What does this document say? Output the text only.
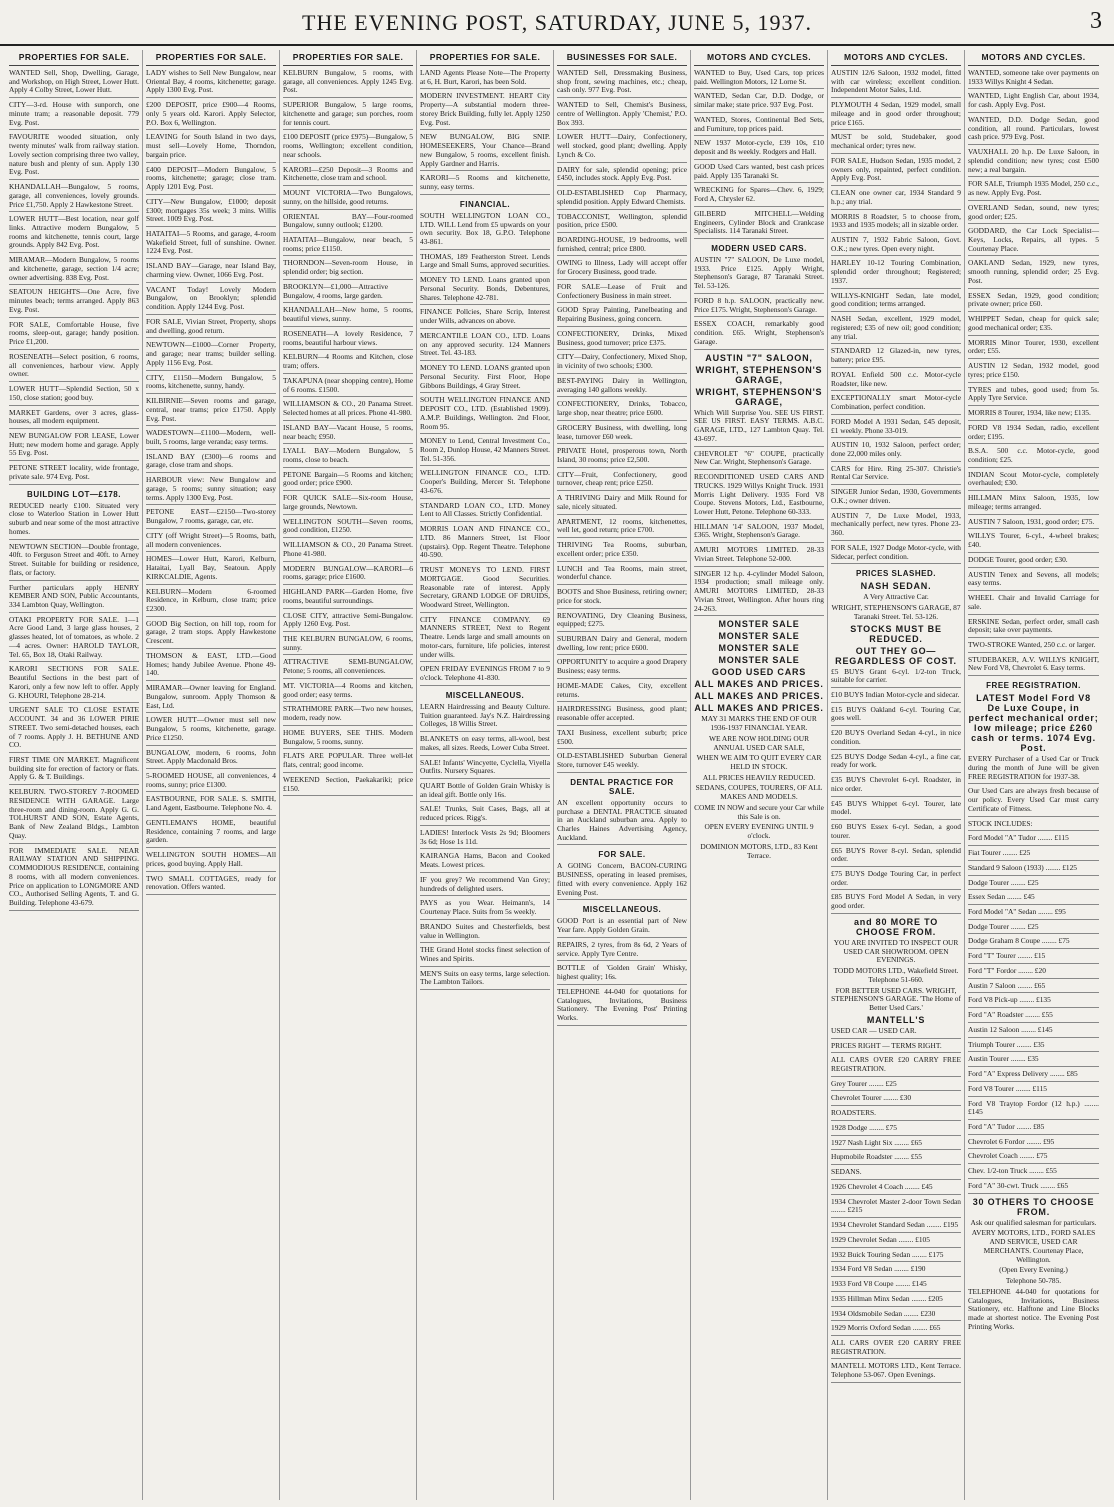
THE EVENING POST, SATURDAY, JUNE 5, 1937.	3
PROPERTIES FOR SALE.
WANTED Sell, Shop, Dwelling, Garage, and Workshop, on High Street, Lower Hutt. Apply 4 Colby Street, Lower Hutt.
CITY—3-rd. House with sunporch, one minute tram; a reasonable deposit. 779 Evg. Post.
FAVOURITE wooded situation, only twenty minutes' walk from railway station. Lovely section comprising three two valley, nature bush and plenty of sun. Apply 130 Evg. Post.
KHANDALLAH—Bungalow, 5 rooms, garage, all conveniences, lovely grounds. Price £1,750. Apply 2 Hawkestone Street.
LOWER HUTT—Best location, near golf links. Attractive modern Bungalow, 5 rooms and kitchenette, tennis court, large grounds. Apply 842 Evg. Post.
MIRAMAR—Modern Bungalow, 5 rooms and kitchenette, garage, section 1/4 acre; owner advertising. 838 Evg. Post.
SEATOUN HEIGHTS—One Acre, five minutes beach; terms arranged. Apply 863 Evg. Post.
FOR SALE, Comfortable House, five rooms, sleep-out, garage; handy position. Price £1,200.
ROSENEATH—Select position, 6 rooms, all conveniences, harbour view. Apply owner.
LOWER HUTT—Splendid Section, 50 x 150, close station; good buy.
MARKET Gardens, over 3 acres, glass-houses, all modern equipment.
NEW BUNGALOW FOR LEASE, Lower Hutt; new modern home and garage. Apply 55 Evg. Post.
PETONE STREET locality, wide frontage, private sale. 974 Evg. Post.
BUILDING LOT—£178.
REDUCED nearly £100. Situated very close to Waterloo Station in Lower Hutt suburb and near some of the most attractive homes.
NEWTOWN SECTION—Double frontage, 40ft. to Ferguson Street and 40ft. to Arney Street. Suitable for building or residence, flats, or factory.
Further particulars apply HENRY KEMBER AND SON, Public Accountants, 334 Lambton Quay, Wellington.
OTAKI PROPERTY FOR SALE. 1—1 Acre Good Land, 3 large glass houses, 2 glasses heated, lot of tomatoes, as whole. 2—4 acres. Owner: HAROLD TAYLOR, Tel. 65, Box 18, Otaki Railway.
KARORI SECTIONS FOR SALE. Beautiful Sections in the best part of Karori, only a few now left to offer. Apply G. KHOURI, Telephone 28-214.
URGENT SALE TO CLOSE ESTATE ACCOUNT. 34 and 36 LOWER PIRIE STREET. Two semi-detached houses, each of 7 rooms. Apply J. H. BETHUNE AND CO.
FIRST TIME ON MARKET. Magnificent building site for erection of factory or flats. Apply G. & T. Buildings.
KELBURN. TWO-STOREY 7-ROOMED RESIDENCE WITH GARAGE. Large three-room and dining-room. Apply G. G. TOLHURST AND SON, Estate Agents, Bank of New Zealand Bldgs., Lambton Quay.
FOR IMMEDIATE SALE. NEAR RAILWAY STATION AND SHIPPING. COMMODIOUS RESIDENCE, containing 8 rooms, with all modern conveniences. Price on application to LONGMORE AND CO., Authorised Selling Agents, T. and G. Building. Telephone 43-679.
PROPERTIES FOR SALE.
LADY wishes to Sell New Bungalow, near Oriental Bay, 4 rooms, kitchenette; garage. Apply 1300 Evg. Post.
£200 DEPOSIT, price £900—4 Rooms, only 5 years old. Karori. Apply Selector, P.O. Box 6, Wellington.
LEAVING for South Island in two days, must sell—Lovely Home, Thorndon, bargain price.
£400 DEPOSIT—Modern Bungalow, 5 rooms, kitchenette; garage; close tram. Apply 1201 Evg. Post.
CITY—New Bungalow, £1000; deposit £300; mortgages 35s week; 3 mins. Willis Street. 1009 Evg. Post.
HATAITAI—5 Rooms, and garage, 4-room Wakefield Street, full of sunshine. Owner. 1224 Evg. Post.
ISLAND BAY—Garage, near Island Bay, charming view. Owner, 1066 Evg. Post.
VACANT Today! Lovely Modern Bungalow, on Brooklyn; splendid condition. Apply 1244 Evg. Post.
FOR SALE, Vivian Street, Property, shops and dwelling, good return.
NEWTOWN—£1000—Corner Property, and garage; near trams; builder selling. Apply 1156 Evg. Post.
CITY, £1150—Modern Bungalow, 5 rooms, kitchenette, sunny, handy.
KILBIRNIE—Seven rooms and garage, central, near trams; price £1750. Apply Evg. Post.
WADESTOWN—£1100—Modern, well-built, 5 rooms, large veranda; easy terms.
ISLAND BAY (£300)—6 rooms and garage, close tram and shops.
HARBOUR view: New Bungalow and garage, 5 rooms; sunny situation; easy terms. Apply 1300 Evg. Post.
PETONE EAST—£2150—Two-storey Bungalow, 7 rooms, garage, car, etc.
CITY (off Wright Street)—5 Rooms, bath, all modern conveniences.
HOMES—Lower Hutt, Karori, Kelburn, Hataitai, Lyall Bay, Seatoun. Apply KIRKCALDIE, Agents.
KELBURN—Modern 6-roomed Residence, in Kelburn, close tram; price £2300.
GOOD Big Section, on hill top, room for garage, 2 tram stops. Apply Hawkestone Crescent.
THOMSON & EAST, LTD.—Good Homes; handy Jubilee Avenue. Phone 49-140.
MIRAMAR—Owner leaving for England. Bungalow, sunroom. Apply Thomson & East, Ltd.
LOWER HUTT—Owner must sell new Bungalow, 5 rooms, kitchenette, garage. Price £1250.
BUNGALOW, modern, 6 rooms, John Street. Apply Macdonald Bros.
5-ROOMED HOUSE, all conveniences, 4 rooms, sunny; price £1300.
EASTBOURNE, FOR SALE. S. SMITH, Land Agent, Eastbourne. Telephone No. 4.
GENTLEMAN'S HOME, beautiful Residence, containing 7 rooms, and large garden.
WELLINGTON SOUTH HOMES—All prices, good buying. Apply Hall.
TWO SMALL COTTAGES, ready for renovation. Offers wanted.
PROPERTIES FOR SALE.
KELBURN Bungalow, 5 rooms, with garage, all conveniences. Apply 1245 Evg. Post.
SUPERIOR Bungalow, 5 large rooms, kitchenette and garage; sun porches, room for tennis court.
£100 DEPOSIT (price £975)—Bungalow, 5 rooms, Wellington; excellent condition, near schools.
KARORI—£250 Deposit—3 Rooms and Kitchenette, close tram and school.
MOUNT VICTORIA—Two Bungalows, sunny, on the hillside, good returns.
ORIENTAL BAY—Four-roomed Bungalow, sunny outlook; £1200.
HATAITAI—Bungalow, near beach, 5 rooms; price £1150.
THORNDON—Seven-room House, in splendid order; big section.
BROOKLYN—£1,000—Attractive Bungalow, 4 rooms, large garden.
KHANDALLAH—New home, 5 rooms, beautiful views, sunny.
ROSENEATH—A lovely Residence, 7 rooms, beautiful harbour views.
KELBURN—4 Rooms and Kitchen, close tram; offers.
TAKAPUNA (near shopping centre), Home of 6 rooms. £1500.
WILLIAMSON & CO., 20 Panama Street. Selected homes at all prices. Phone 41-980.
ISLAND BAY—Vacant House, 5 rooms, near beach; £950.
LYALL BAY—Modern Bungalow, 5 rooms, close to beach.
PETONE Bargain—5 Rooms and kitchen; good order; price £900.
FOR QUICK SALE—Six-room House, large grounds, Newtown.
WELLINGTON SOUTH—Seven rooms, good condition, £1250.
WILLIAMSON & CO., 20 Panama Street. Phone 41-980.
MODERN BUNGALOW—KARORI—6 rooms, garage; price £1600.
HIGHLAND PARK—Garden Home, five rooms, beautiful surroundings.
CLOSE CITY, attractive Semi-Bungalow. Apply 1260 Evg. Post.
THE KELBURN BUNGALOW, 6 rooms, sunny.
ATTRACTIVE SEMI-BUNGALOW, Petone; 5 rooms, all conveniences.
MT. VICTORIA—4 Rooms and kitchen, good order; easy terms.
STRATHMORE PARK—Two new houses, modern, ready now.
HOME BUYERS, SEE THIS. Modern Bungalow, 5 rooms, sunny.
FLATS ARE POPULAR. Three well-let flats, central; good income.
WEEKEND Section, Paekakariki; price £150.
PROPERTIES FOR SALE.
LAND Agents Please Note—The Property at 6, H. Burt, Karori, has been Sold.
MODERN INVESTMENT. HEART City Property—A substantial modern three-storey Brick Building, fully let. Apply 1250 Evg. Post.
NEW BUNGALOW, BIG SNIP. HOMESEEKERS, Your Chance—Brand new Bungalow, 5 rooms, excellent finish. Apply Gardner and Harris.
KARORI—5 Rooms and kitchenette, sunny, easy terms.
FINANCIAL.
SOUTH WELLINGTON LOAN CO., LTD. WILL Lend from £5 upwards on your own security. Box 18, G.P.O. Telephone 43-861.
THOMAS, 189 Featherston Street. Lends Large and Small Sums, approved securities.
MONEY TO LEND. Loans granted upon Personal Security. Bonds, Debentures, Shares. Telephone 42-781.
FINANCE Pollcies, Share Scrip, Interest under Wills, advances on above.
MERCANTILE LOAN CO., LTD. Loans on any approved security. 124 Manners Street. Tel. 43-183.
MONEY TO LEND. LOANS granted upon Personal Security. First Floor, Hope Gibbons Buildings, 4 Gray Street.
SOUTH WELLINGTON FINANCE AND DEPOSIT CO., LTD. (Established 1909). A.M.P. Buildings, Wellington. 2nd Floor, Room 95.
MONEY to Lend, Central Investment Co., Room 2, Dunlop House, 42 Manners Street. Tel. 51-356.
WELLINGTON FINANCE CO., LTD. Cooper's Building, Mercer St. Telephone 43-676.
STANDARD LOAN CO., LTD. Money Lent to All Classes. Strictly Confidential.
MORRIS LOAN AND FINANCE CO., LTD. 86 Manners Street, 1st Floor (upstairs). Opp. Regent Theatre. Telephone 40-590.
TRUST MONEYS TO LEND. FIRST MORTGAGE. Good Securities. Reasonable rate of interest. Apply Secretary, GRAND LODGE OF DRUIDS, Woodward Street, Wellington.
CITY FINANCE COMPANY. 69 MANNERS STREET, Next to Regent Theatre. Lends large and small amounts on motor-cars, furniture, life policies, interest under wills.
OPEN FRIDAY EVENINGS FROM 7 to 9 o'clock. Telephone 41-830.
MISCELLANEOUS.
LEARN Hairdressing and Beauty Culture. Tuition guaranteed. Jay's N.Z. Hairdressing Colleges, 18 Willis Street.
BLANKETS on easy terms, all-wool, best makes, all sizes. Reeds, Lower Cuba Street.
SALE! Infants' Wincyette, Cyclella, Viyella Outfits. Nursery Squares.
QUART Bottle of Golden Grain Whisky is an ideal gift. Bottle only 16s.
SALE! Trunks, Suit Cases, Bags, all at reduced prices. Rigg's.
LADIES! Interlock Vests 2s 9d; Bloomers 3s 6d; Hose 1s 11d.
KAIRANGA Hams, Bacon and Cooked Meats. Lowest prices.
IF you grey? We recommend Van Grey; hundreds of delighted users.
PAYS as you Wear. Heimann's, 14 Courtenay Place. Suits from 5s weekly.
BRANDO Suites and Chesterfields, best value in Wellington.
THE Grand Hotel stocks finest selection of Wines and Spirits.
MEN'S Suits on easy terms, large selection. The Lambton Tailors.
BUSINESSES FOR SALE.
WANTED Sell, Dressmaking Business, shop front, sewing machines, etc.; cheap, cash only. 977 Evg. Post.
WANTED to Sell, Chemist's Business, centre of Wellington. Apply 'Chemist,' P.O. Box 393.
LOWER HUTT—Dairy, Confectionery, well stocked, good plant; dwelling. Apply Lynch & Co.
DAIRY for sale, splendid opening; price £450, includes stock. Apply Evg. Post.
OLD-ESTABLISHED Cop Pharmacy, splendid position. Apply Edward Chemists.
TOBACCONIST, Wellington, splendid position, price £500.
BOARDING-HOUSE, 19 bedrooms, well furnished, central; price £800.
OWING to Illness, Lady will accept offer for Grocery Business, good trade.
FOR SALE—Lease of Fruit and Confectionery Business in main street.
GOOD Spray Painting, Panelbeating and Repairing Business, going concern.
CONFECTIONERY, Drinks, Mixed Business, good turnover; price £375.
CITY—Dairy, Confectionery, Mixed Shop, in vicinity of two schools; £300.
BEST-PAYING Dairy in Wellington, averaging 140 gallons weekly.
CONFECTIONERY, Drinks, Tobacco, large shop, near theatre; price £600.
GROCERY Business, with dwelling, long lease, turnover £60 week.
PRIVATE Hotel, prosperous town, North Island, 30 rooms; price £2,500.
CITY—Fruit, Confectionery, good turnover, cheap rent; price £250.
A THRIVING Dairy and Milk Round for sale, nicely situated.
APARTMENT, 12 rooms, kitchenettes, well let, good return; price £700.
THRIVING Tea Rooms, suburban, excellent order; price £350.
LUNCH and Tea Rooms, main street, wonderful chance.
BOOTS and Shoe Business, retiring owner; price for stock.
RENOVATING, Dry Cleaning Business, equipped; £275.
SUBURBAN Dairy and General, modern dwelling, low rent; price £600.
OPPORTUNITY to acquire a good Drapery Business; easy terms.
HOME-MADE Cakes, City, excellent returns.
HAIRDRESSING Business, good plant; reasonable offer accepted.
TAXI Business, excellent suburb; price £500.
OLD-ESTABLISHED Suburban General Store, turnover £45 weekly.
DENTAL PRACTICE FOR SALE.
AN excellent opportunity occurs to purchase a DENTAL PRACTICE situated in an Auckland suburban area. Apply to Charles Haines Advertising Agency, Auckland.
FOR SALE.
A GOING Concern, BACON-CURING BUSINESS, operating in leased premises, fitted with every convenience. Apply 162 Evening Post.
MISCELLANEOUS.
GOOD Port is an essential part of New Year fare. Apply Golden Grain.
REPAIRS, 2 tyres, from 8s 6d, 2 Years of service. Apply Tyre Centre.
BOTTLE of 'Golden Grain' Whisky, highest quality; 16s.
TELEPHONE 44-040 for quotations for Catalogues, Invitations, Business Stationery. 'The Evening Post' Printing Works.
MOTORS AND CYCLES.
WANTED to Buy, Used Cars, top prices paid. Wellington Motors, 12 Lorne St.
WANTED, Sedan Car, D.D. Dodge, or similar make; state price. 937 Evg. Post.
WANTED, Stores, Continental Bed Sets, and Furniture, top prices paid.
NEW 1937 Motor-cycle, £39 10s, £10 deposit and 8s weekly. Rodgers and Hall.
GOOD Used Cars wanted, best cash prices paid. Apply 135 Taranaki St.
WRECKING for Spares—Chev. 6, 1929; Ford A, Chrysler 62.
GILBERD MITCHELL—Welding Engineers, Cylinder Block and Crankcase Specialists. 114 Taranaki Street.
MODERN USED CARS.
AUSTIN "7" SALOON, De Luxe model, 1933. Price £125. Apply Wright, Stephenson's Garage, 87 Taranaki Street. Tel. 53-126.
FORD 8 h.p. SALOON, practically new. Price £175. Wright, Stephenson's Garage.
ESSEX COACH, remarkably good condition. £65. Wright, Stephenson's Garage.
AUSTIN "7" SALOON,
WRIGHT, STEPHENSON'S GARAGE,
WRIGHT, STEPHENSON'S GARAGE,
Which Will Surprise You. SEE US FIRST. SEE US FIRST. EASY TERMS. A.B.C. GARAGE, LTD., 127 Lambton Quay. Tel. 43-697.
CHEVROLET "6" COUPE, practically New Car. Wright, Stephenson's Garage.
RECONDITIONED USED CARS AND TRUCKS. 1929 Willys Knight Truck. 1931 Morris Light Delivery. 1935 Ford V8 Coupe. Stevens Motors, Ltd., Eastbourne, Lower Hutt, Petone. Telephone 60-333.
HILLMAN '14' SALOON, 1937 Model, £365. Wright, Stephenson's Garage.
AMURI MOTORS LIMITED. 28-33 Vivian Street. Telephone 52-000.
SINGER 12 h.p. 4-cylinder Model Saloon, 1934 production; small mileage only. AMURI MOTORS LIMITED, 28-33 Vivian Street, Wellington. After hours ring 24-263.
MONSTER SALE
MONSTER SALE
MONSTER SALE
MONSTER SALE
GOOD USED CARS
ALL MAKES AND PRICES.
ALL MAKES AND PRICES.
ALL MAKES AND PRICES.
MAY 31 MARKS THE END OF OUR 1936-1937 FINANCIAL YEAR.
WE ARE NOW HOLDING OUR ANNUAL USED CAR SALE,
WHEN WE AIM TO QUIT EVERY CAR HELD IN STOCK.
ALL PRICES HEAVILY REDUCED.
SEDANS, COUPES, TOURERS, OF ALL MAKES AND MODELS.
COME IN NOW and secure your Car while this Sale is on.
OPEN EVERY EVENING UNTIL 9 o'clock.
DOMINION MOTORS, LTD., 83 Kent Terrace.
MOTORS AND CYCLES.
AUSTIN 12/6 Saloon, 1932 model, fitted with car wireless; excellent condition. Independent Motor Sales, Ltd.
PLYMOUTH 4 Sedan, 1929 model, small mileage and in good order throughout; price £165.
MUST be sold, Studebaker, good mechanical order; tyres new.
FOR SALE, Hudson Sedan, 1935 model, 2 owners only, repainted, perfect condition. Apply Evg. Post.
CLEAN one owner car, 1934 Standard 9 h.p.; any trial.
MORRIS 8 Roadster, 5 to choose from, 1933 and 1935 models; all in sizable order.
AUSTIN 7, 1932 Fabric Saloon, Govt. O.K.; new tyres. Open every night.
HARLEY 10-12 Touring Combination, splendid order throughout; Registered; 1937.
WILLYS-KNIGHT Sedan, late model, good condition; terms arranged.
NASH Sedan, excellent, 1929 model, registered; £35 of new oil; good condition; any trial.
STANDARD 12 Glazed-in, new tyres, battery; price £95.
ROYAL Enfield 500 c.c. Motor-cycle Roadster, like new.
EXCEPTIONALLY smart Motor-cycle Combination, perfect condition.
FORD Model A 1931 Sedan, £45 deposit, £1 weekly. Phone 33-019.
AUSTIN 10, 1932 Saloon, perfect order; done 22,000 miles only.
CARS for Hire. Ring 25-307. Christie's Rental Car Service.
SINGER Junior Sedan, 1930, Governments O.K.; owner driven.
AUSTIN 7, De Luxe Model, 1933, mechanically perfect, new tyres. Phone 23-360.
FOR SALE, 1927 Dodge Motor-cycle, with Sidecar, perfect condition.
PRICES SLASHED.
NASH SEDAN.
A Very Attractive Car.
WRIGHT, STEPHENSON'S GARAGE, 87 Taranaki Street. Tel. 53-126.
STOCKS MUST BE REDUCED.
OUT THEY GO—REGARDLESS OF COST.
£5 BUYS Grant 6-cyl. 1/2-ton Truck, suitable for carrier.
£10 BUYS Indian Motor-cycle and sidecar.
£15 BUYS Oakland 6-cyl. Touring Car, goes well.
£20 BUYS Overland Sedan 4-cyl., in nice condition.
£25 BUYS Dodge Sedan 4-cyl., a fine car, ready for work.
£35 BUYS Chevrolet 6-cyl. Roadster, in nice order.
£45 BUYS Whippet 6-cyl. Tourer, late model.
£60 BUYS Essex 6-cyl. Sedan, a good tourer.
£65 BUYS Rover 8-cyl. Sedan, splendid order.
£75 BUYS Dodge Touring Car, in perfect order.
£85 BUYS Ford Model A Sedan, in very good order.
and 80 MORE TO CHOOSE FROM.
YOU ARE INVITED TO INSPECT OUR USED CAR SHOWROOM. OPEN EVENINGS.
TODD MOTORS LTD., Wakefield Street. Telephone 51-660.
FOR BETTER USED CARS. WRIGHT, STEPHENSON'S GARAGE. 'The Home of Better Used Cars.'
MANTELL'S
USED CAR — USED CAR.
PRICES RIGHT — TERMS RIGHT.
ALL CARS OVER £20 CARRY FREE REGISTRATION.
Grey Tourer ........ £25
Chevrolet Tourer ........ £30
ROADSTERS.
1928 Dodge ........ £75
1927 Nash Light Six ........ £65
Hupmobile Roadster ........ £55
SEDANS.
1926 Chevrolet 4 Coach ........ £45
1934 Chevrolet Master 2-door Town Sedan ........ £215
1934 Chevrolet Standard Sedan ........ £195
1929 Chevrolet Sedan ........ £105
1932 Buick Touring Sedan ........ £175
1934 Ford V8 Sedan ........ £190
1933 Ford V8 Coupe ........ £145
1935 Hillman Minx Sedan ........ £205
1934 Oldsmobile Sedan ........ £230
1929 Morris Oxford Sedan ........ £65
ALL CARS OVER £20 CARRY FREE REGISTRATION.
MANTELL MOTORS LTD., Kent Terrace. Telephone 53-067. Open Evenings.
MOTORS AND CYCLES.
WANTED, someone take over payments on 1933 Willys Knight 4 Sedan.
WANTED, Light English Car, about 1934, for cash. Apply Evg. Post.
WANTED, D.D. Dodge Sedan, good condition, all round. Particulars, lowest cash price. 979 Evg. Post.
VAUXHALL 20 h.p. De Luxe Saloon, in splendid condition; new tyres; cost £500 new; a real bargain.
FOR SALE, Triumph 1935 Model, 250 c.c., as new. Apply Evg. Post.
OVERLAND Sedan, sound, new tyres; good order; £25.
GODDARD, the Car Lock Specialist—Keys, Locks, Repairs, all types. 5 Courtenay Place.
OAKLAND Sedan, 1929, new tyres, smooth running, splendid order; 25 Evg. Post.
ESSEX Sedan, 1929, good condition; private owner; price £60.
WHIPPET Sedan, cheap for quick sale; good mechanical order; £35.
MORRIS Minor Tourer, 1930, excellent order; £55.
AUSTIN 12 Sedan, 1932 model, good tyres; price £150.
TYRES and tubes, good used; from 5s. Apply Tyre Service.
MORRIS 8 Tourer, 1934, like new; £135.
FORD V8 1934 Sedan, radio, excellent order; £195.
B.S.A. 500 c.c. Motor-cycle, good condition; £25.
INDIAN Scout Motor-cycle, completely overhauled; £30.
HILLMAN Minx Saloon, 1935, low mileage; terms arranged.
AUSTIN 7 Saloon, 1931, good order; £75.
WILLYS Tourer, 6-cyl., 4-wheel brakes; £40.
DODGE Tourer, good order; £30.
AUSTIN Tenex and Sevens, all models; easy terms.
WHEEL Chair and Invalid Carriage for sale.
ERSKINE Sedan, perfect order, small cash deposit; take over payments.
TWO-STROKE Wanted, 250 c.c. or larger.
STUDEBAKER, A.V. WILLYS KNIGHT, New Ford V8, Chevrolet 6. Easy terms.
FREE REGISTRATION.
LATEST Model Ford V8 De Luxe Coupe, in perfect mechanical order; low mileage; price £260 cash or terms. 1074 Evg. Post.
EVERY Purchaser of a Used Car or Truck during the month of June will be given FREE REGISTRATION for 1937-38.
Our Used Cars are always fresh because of our policy. Every Used Car must carry Certificate of Fitness.
STOCK INCLUDES:
Ford Model "A" Tudor ........ £115
Fiat Tourer ........ £25
Standard 9 Saloon (1933) ........ £125
Dodge Tourer ........ £25
Essex Sedan ........ £45
Ford Model "A" Sedan ........ £95
Dodge Tourer ........ £25
Dodge Graham 8 Coupe ........ £75
Ford "T" Tourer ........ £15
Ford "T" Fordor ........ £20
Austin 7 Saloon ........ £65
Ford V8 Pick-up ........ £135
Ford "A" Roadster ........ £55
Austin 12 Saloon ........ £145
Triumph Tourer ........ £35
Austin Tourer ........ £35
Ford "A" Express Delivery ........ £85
Ford V8 Tourer ........ £115
Ford V8 Traytop Fordor (12 h.p.) ........ £145
Ford "A" Tudor ........ £85
Chevrolet 6 Fordor ........ £95
Chevrolet Coach ........ £75
Chev. 1/2-ton Truck ........ £55
Ford "A" 30-cwt. Truck ........ £65
30 OTHERS TO CHOOSE FROM.
Ask our qualified salesman for particulars.
AVERY MOTORS, LTD., FORD SALES AND SERVICE, USED CAR MERCHANTS. Courtenay Place, Wellington.
(Open Every Evening.)
Telephone 50-785.
TELEPHONE 44-040 for quotations for Catalogues, Invitations, Business Stationery, etc. Halftone and Line Blocks made at shortest notice. The Evening Post Printing Works.
